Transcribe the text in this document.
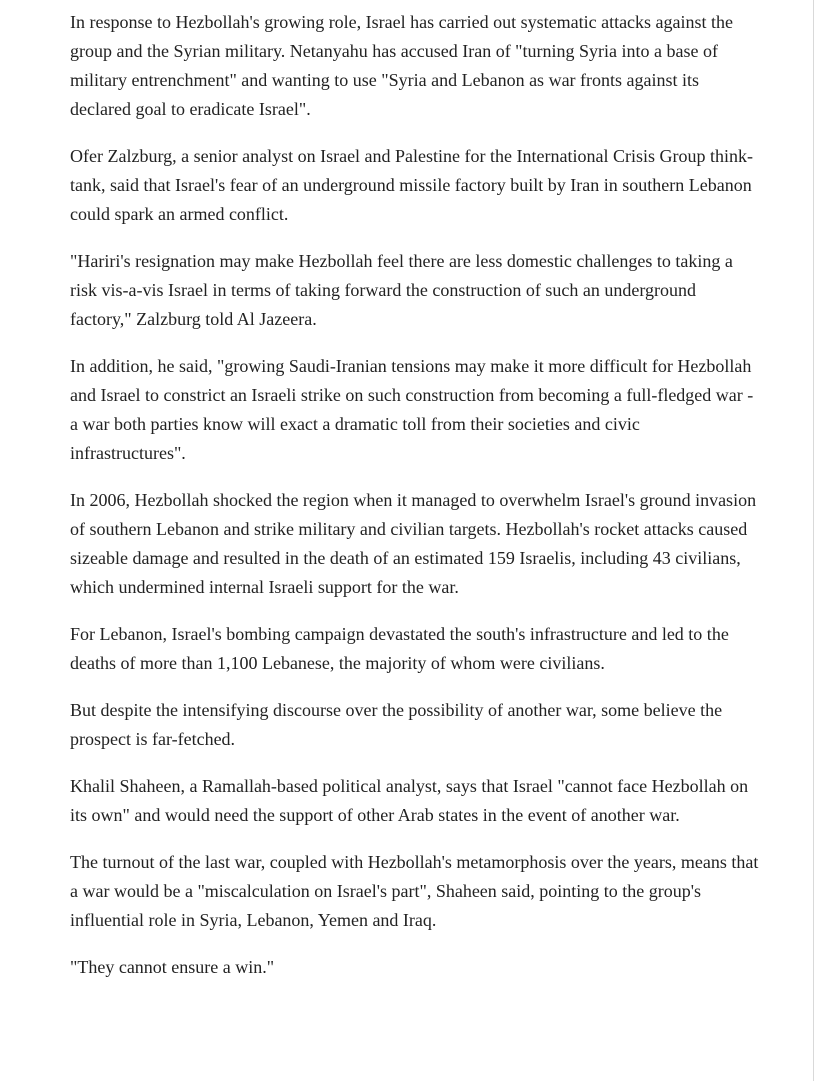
In response to Hezbollah's growing role, Israel has carried out systematic attacks against the group and the Syrian military. Netanyahu has accused Iran of "turning Syria into a base of military entrenchment" and wanting to use "Syria and Lebanon as war fronts against its declared goal to eradicate Israel".

Ofer Zalzburg, a senior analyst on Israel and Palestine for the International Crisis Group think-tank, said that Israel's fear of an underground missile factory built by Iran in southern Lebanon could spark an armed conflict.

"Hariri's resignation may make Hezbollah feel there are less domestic challenges to taking a risk vis-a-vis Israel in terms of taking forward the construction of such an underground factory," Zalzburg told Al Jazeera.

In addition, he said, "growing Saudi-Iranian tensions may make it more difficult for Hezbollah and Israel to constrict an Israeli strike on such construction from becoming a full-fledged war - a war both parties know will exact a dramatic toll from their societies and civic infrastructures".

In 2006, Hezbollah shocked the region when it managed to overwhelm Israel's ground invasion of southern Lebanon and strike military and civilian targets. Hezbollah's rocket attacks caused sizeable damage and resulted in the death of an estimated 159 Israelis, including 43 civilians, which undermined internal Israeli support for the war.

For Lebanon, Israel's bombing campaign devastated the south's infrastructure and led to the deaths of more than 1,100 Lebanese, the majority of whom were civilians.

But despite the intensifying discourse over the possibility of another war, some believe the prospect is far-fetched.

Khalil Shaheen, a Ramallah-based political analyst, says that Israel "cannot face Hezbollah on its own" and would need the support of other Arab states in the event of another war.

The turnout of the last war, coupled with Hezbollah's metamorphosis over the years, means that a war would be a "miscalculation on Israel's part", Shaheen said, pointing to the group's influential role in Syria, Lebanon, Yemen and Iraq.

"They cannot ensure a win."
